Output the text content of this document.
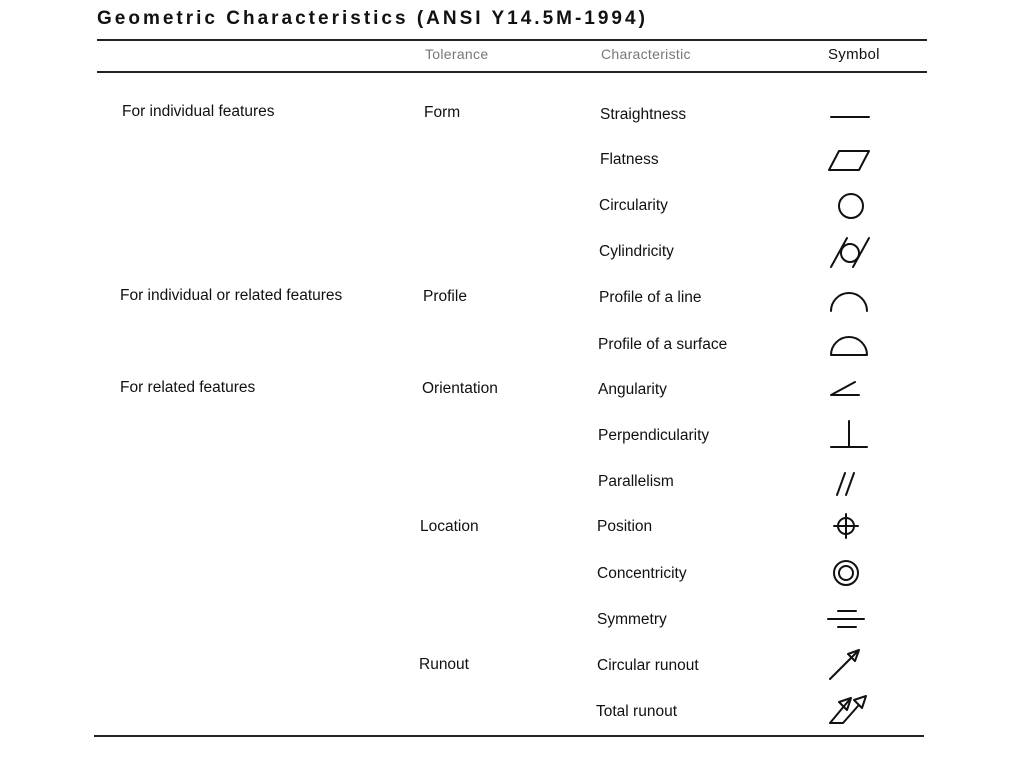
Geometric Characteristics (ANSI Y14.5M-1994)
Tolerance	Characteristic	Symbol
For individual features
For individual or related features
For related features
Form
Profile
Orientation
Location
Runout
Straightness
Flatness
Circularity
Cylindricity
Profile of a line
Profile of a surface
Angularity
Perpendicularity
Parallelism
Position
Concentricity
Symmetry
Circular runout
Total runout
